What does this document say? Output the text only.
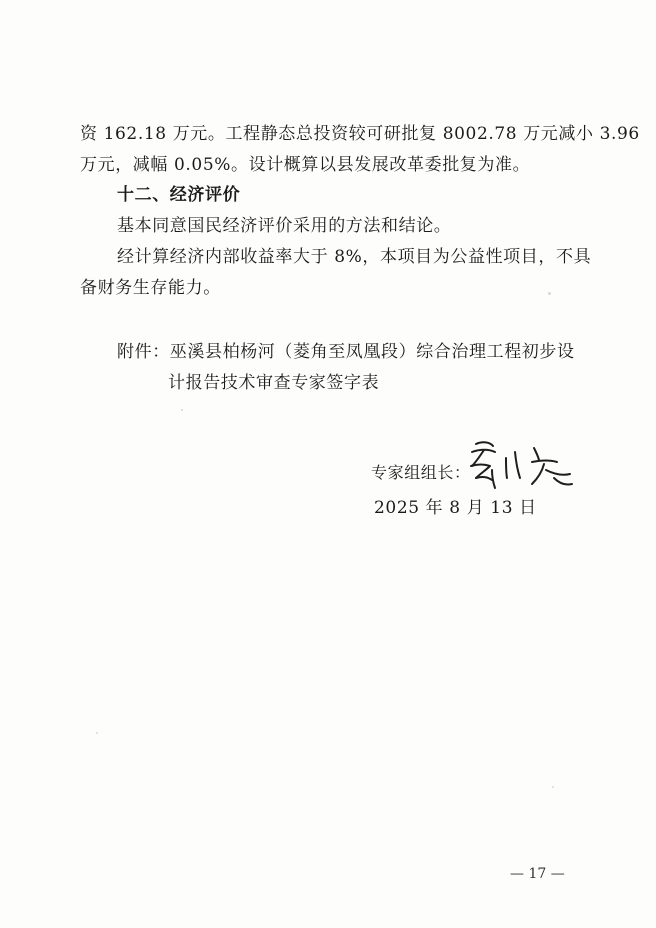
资 162.18 万元。工程静态总投资较可研批复 8002.78 万元减小 3.96
万元，减幅 0.05%。设计概算以县发展改革委批复为准。
十二、经济评价
基本同意国民经济评价采用的方法和结论。
经计算经济内部收益率大于 8%，本项目为公益性项目，不具
备财务生存能力。
附件：巫溪县柏杨河（菱角至凤凰段）综合治理工程初步设
计报告技术审查专家签字表
专家组组长：
2025 年 8 月 13 日
— 17 —
